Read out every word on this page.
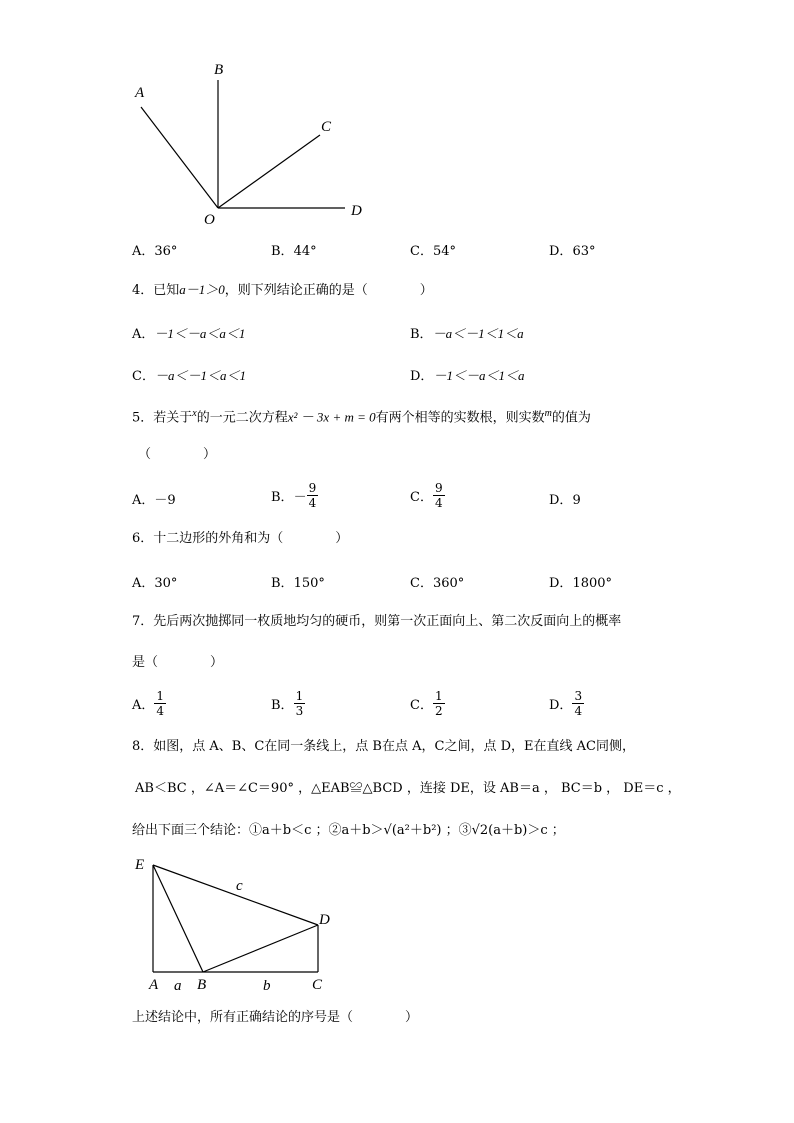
A
B
C
D
O
A．36°	B．44°	C．54°	D．63°
4．已知a－1＞0，则下列结论正确的是（　　　　）
A．－1＜－a＜a＜1	B．－a＜－1＜1＜a
C．－a＜－1＜a＜1	D．－1＜－a＜1＜a
5．若关于$^x$的一元二次方程x² － 3x + m = 0有两个相等的实数根，则实数$^m$的值为
（　　　　）
A．－9	B．－ $\frac{9}{4}$	C． $\frac{9}{4}$	D．9
6．十二边形的外角和为（　　　　）
A．30°	B．150°	C．360°	D．1800°
7．先后两次抛掷同一枚质地均匀的硬币，则第一次正面向上、第二次反面向上的概率
是（　　　　）
A． $\frac{1}{4}$	B． $\frac{1}{3}$	C． $\frac{1}{2}$	D． $\frac{3}{4}$
8．如图，点 A、B、C在同一条线上，点 B在点 A，C之间，点 D，E在直线 AC同侧，
AB＜BC ，∠A＝∠C＝90° ，△EAB≌△BCD ，连接 DE，设 AB＝a ， BC＝b ， DE＝c ，
给出下面三个结论：①a＋b＜c ；②a＋b＞√(a²＋b²) ；③√2(a＋b)＞c ；
E
D
A	B	C
a	b
c
上述结论中，所有正确结论的序号是（　　　　）
